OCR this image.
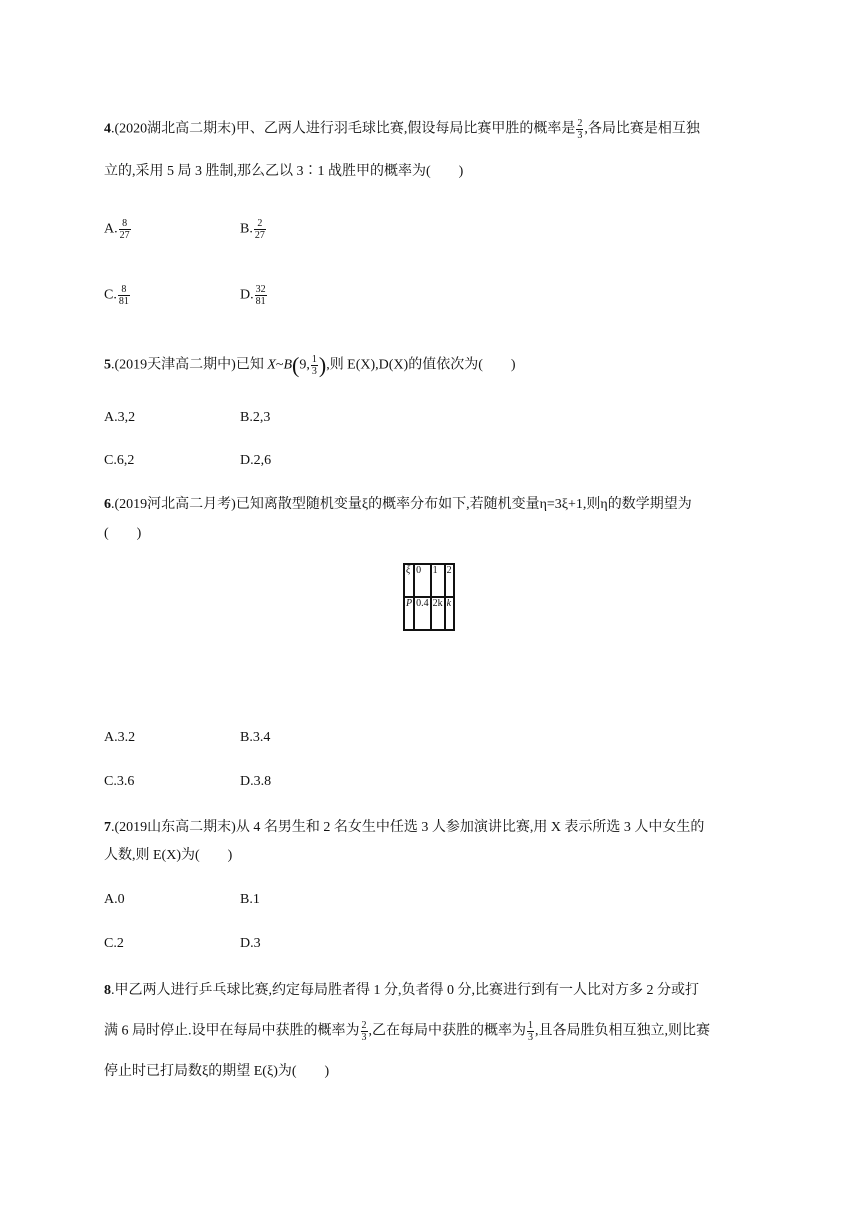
4.(2020湖北高二期末)甲、乙两人进行羽毛球比赛,假设每局比赛甲胜的概率是 $\frac{2}{3}$ ,各局比赛是相互独
立的,采用 5 局 3 胜制,那么乙以 3∶1 战胜甲的概率为(　　)
A. $\frac{8}{27}$	B. $\frac{2}{27}$
C. $\frac{8}{81}$	D. $\frac{32}{81}$
5.(2019天津高二期中)已知 X~B(9, $\frac{1}{3}$ ),则 E(X),D(X)的值依次为(　　)
A.3,2	B.2,3
C.6,2	D.2,6
6.(2019河北高二月考)已知离散型随机变量ξ的概率分布如下,若随机变量η=3ξ+1,则η的数学期望为
(　　)
ξ	0	1	2
P	0.4	2k	k
A.3.2	B.3.4
C.3.6	D.3.8
7.(2019山东高二期末)从 4 名男生和 2 名女生中任选 3 人参加演讲比赛,用 X 表示所选 3 人中女生的
人数,则 E(X)为(　　)
A.0	B.1
C.2	D.3
8.甲乙两人进行乒乓球比赛,约定每局胜者得 1 分,负者得 0 分,比赛进行到有一人比对方多 2 分或打
满 6 局时停止.设甲在每局中获胜的概率为 $\frac{2}{3}$ ,乙在每局中获胜的概率为 $\frac{1}{3}$ ,且各局胜负相互独立,则比赛
停止时已打局数ξ的期望 E(ξ)为(　　)
